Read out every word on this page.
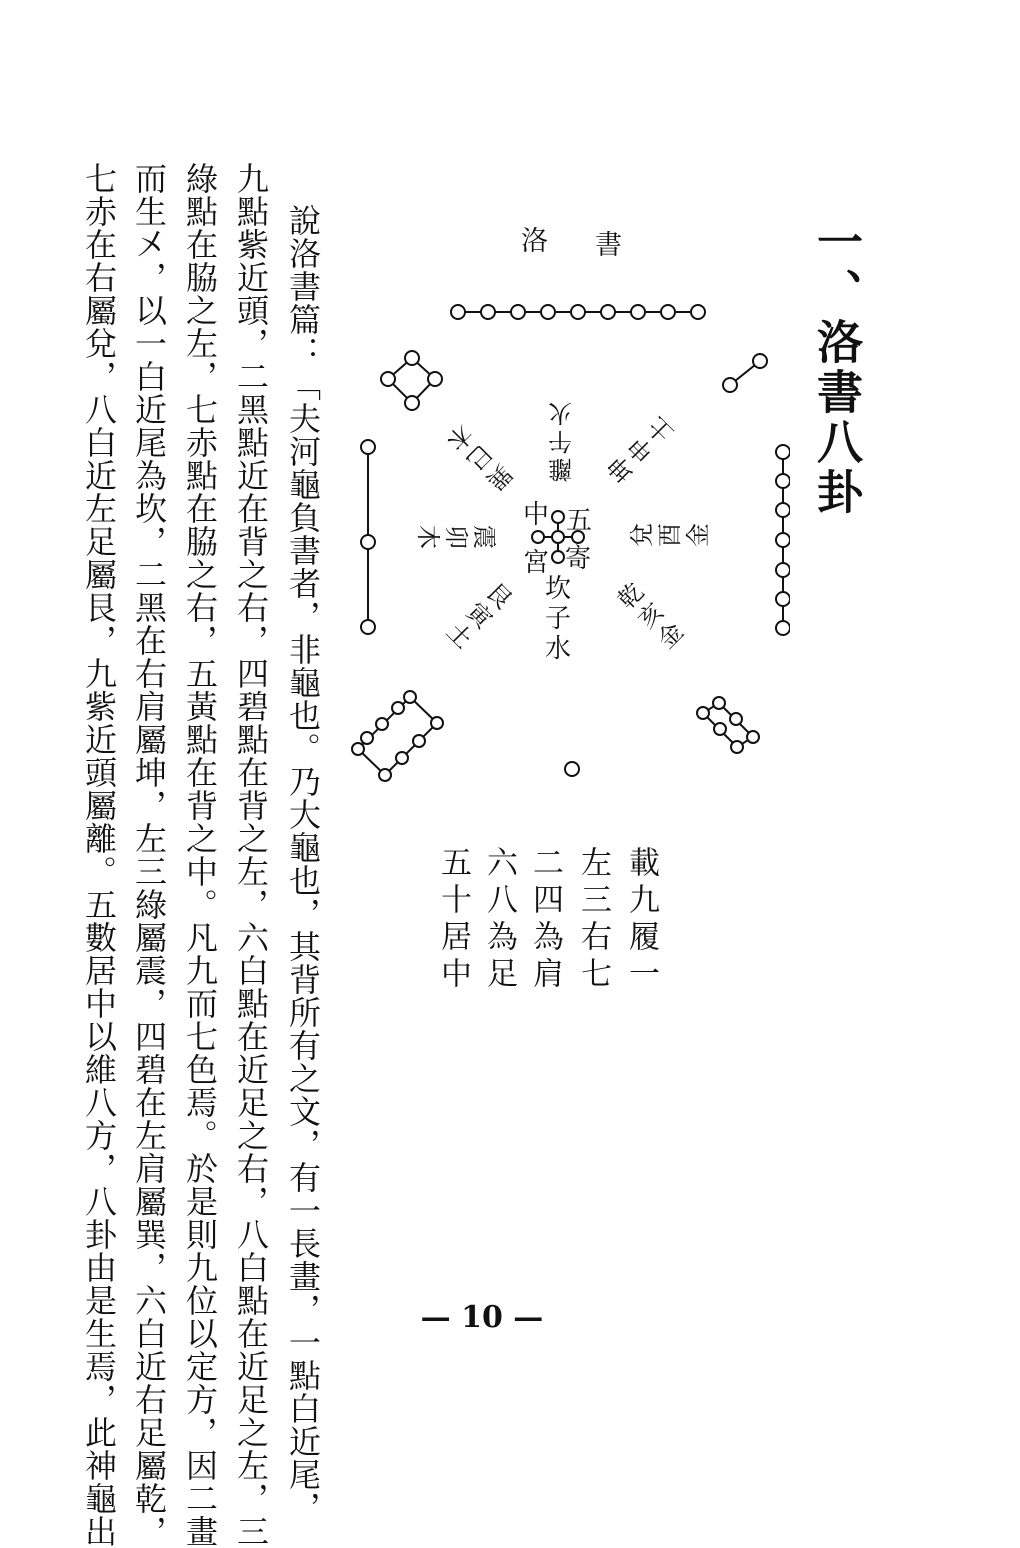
一、洛書八卦
洛 書
五
寄
中
宮
離
午
火
巽
巳
木
坤
申
土
兌 酉 金
震
卯
木
艮
寅
土
坎
子
水
乾
亥
金
載九履一
左三右七
二四為肩
六八為足
五十居中
說洛書篇：「夫河龜負書者，非龜也。乃大龜也，其背所有之文，有一長畫，一點白近尾，
九點紫近頭，二黑點近在背之右，四碧點在背之左，六白點在近足之右，八白點在近足之左，三
綠點在脇之左，七赤點在脇之右，五黃點在背之中。凡九而七色焉。於是則九位以定方，因二畫
而生㐅，以一白近尾為坎，二黑在右肩屬坤，左三綠屬震，四碧在左肩屬巽，六白近右足屬乾，
七赤在右屬兌，八白近左足屬艮，九紫近頭屬離。五數居中以維八方，八卦由是生焉，此神龜出	— 10 —
